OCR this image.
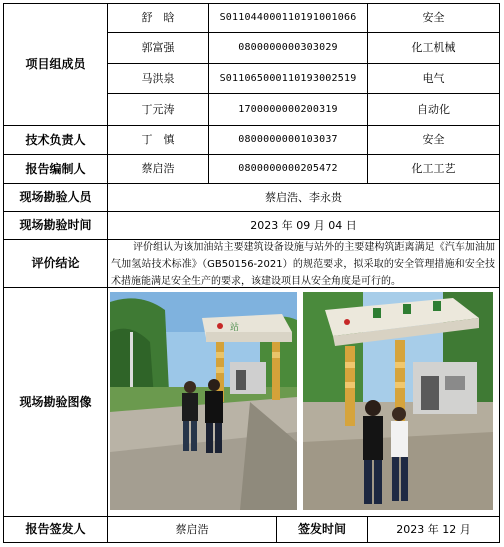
项目组成员
舒　晗	S011044000110191001066	安全
郭富强	0800000000303029	化工机械
马洪泉	S011065000110193002519	电气
丁元涛	1700000000200319	自动化
技术负责人	丁　慎	0800000000103037	安全
报告编制人	蔡启浩	0800000000205472	化工工艺
现场勘验人员	蔡启浩、李永贵
现场勘验时间	2023 年 09 月 04 日
评价结论
评价组认为该加油站主要建筑设备设施与站外的主要建构筑距离满足《汽车加油加气加氢站技术标准》（GB50156-2021）的规范要求，拟采取的安全管理措施和安全技术措施能满足安全生产的要求，该建设项目从安全角度是可行的。
现场勘验图像
站
报告签发人	蔡启浩	签发时间	2023 年 12 月
